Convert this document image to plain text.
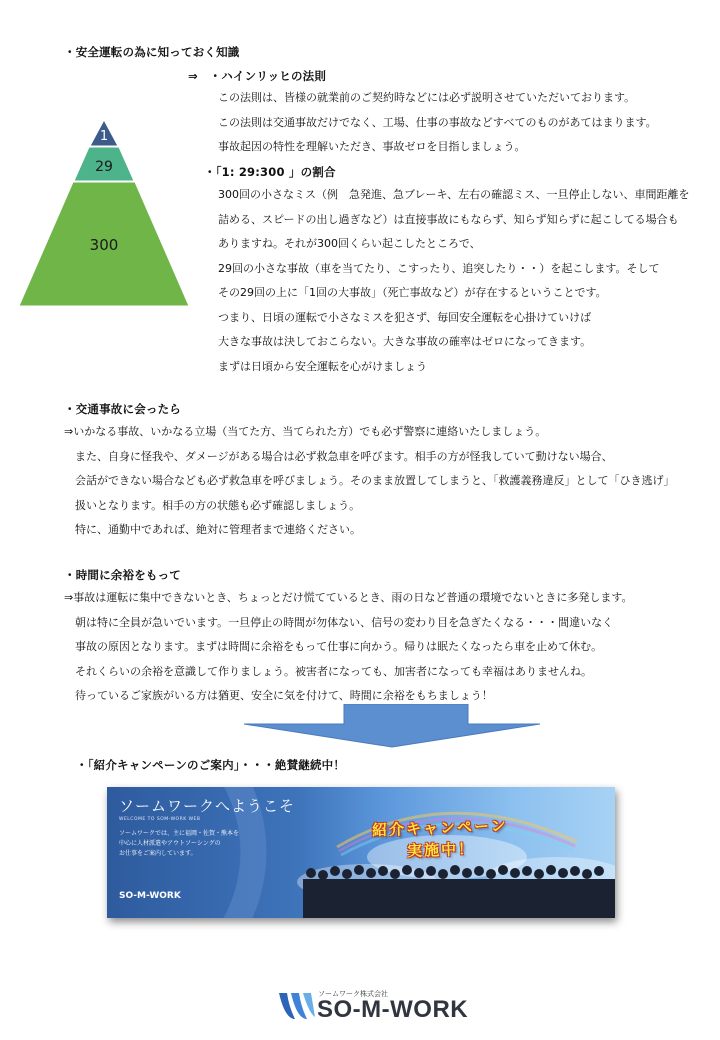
・安全運転の為に知っておく知識
⇒　・ハインリッヒの法則
この法則は、皆様の就業前のご契約時などには必ず説明させていただいております。
この法則は交通事故だけでなく、工場、仕事の事故などすべてのものがあてはまります。
事故起因の特性を理解いただき、事故ゼロを目指しましょう。
1
29
300
・「1: 29:300 」の割合
300回の小さなミス（例　急発進、急ブレーキ、左右の確認ミス、一旦停止しない、車間距離を
詰める、スピードの出し過ぎなど）は直接事故にもならず、知らず知らずに起こしてる場合も
ありますね。それが300回くらい起こしたところで、
29回の小さな事故（車を当てたり、こすったり、追突したり・・）を起こします。そして
その29回の上に「1回の大事故」（死亡事故など）が存在するということです。
つまり、日頃の運転で小さなミスを犯さず、毎回安全運転を心掛けていけば
大きな事故は決しておこらない。大きな事故の確率はゼロになってきます。
まずは日頃から安全運転を心がけましょう
・交通事故に会ったら
⇒いかなる事故、いかなる立場（当てた方、当てられた方）でも必ず警察に連絡いたしましょう。
　また、自身に怪我や、ダメージがある場合は必ず救急車を呼びます。相手の方が怪我していて動けない場合、
　会話ができない場合なども必ず救急車を呼びましょう。そのまま放置してしまうと、「救護義務違反」として「ひき逃げ」
　扱いとなります。相手の方の状態も必ず確認しましょう。
　特に、通勤中であれば、絶対に管理者まで連絡ください。
・時間に余裕をもって
⇒事故は運転に集中できないとき、ちょっとだけ慌てているとき、雨の日など普通の環境でないときに多発します。
　朝は特に全員が急いでいます。一旦停止の時間が勿体ない、信号の変わり目を急ぎたくなる・・・間違いなく
　事故の原因となります。まずは時間に余裕をもって仕事に向かう。帰りは眠たくなったら車を止めて休む。
　それくらいの余裕を意識して作りましょう。被害者になっても、加害者になっても幸福はありませんね。
　待っているご家族がいる方は猶更、安全に気を付けて、時間に余裕をもちましょう！
・「紹介キャンペーンのご案内」・・・絶賛継続中！
ソームワークへようこそ
WELCOME TO SOM-WORK WEB
ソームワークでは、主に福岡・佐賀・熊本を
中心に人材派遣やアウトソーシングの
お仕事をご案内しています。
SO-M-WORK
紹介キャンペーン
実施中！
ソームワーク株式会社
SO-M-WORK
